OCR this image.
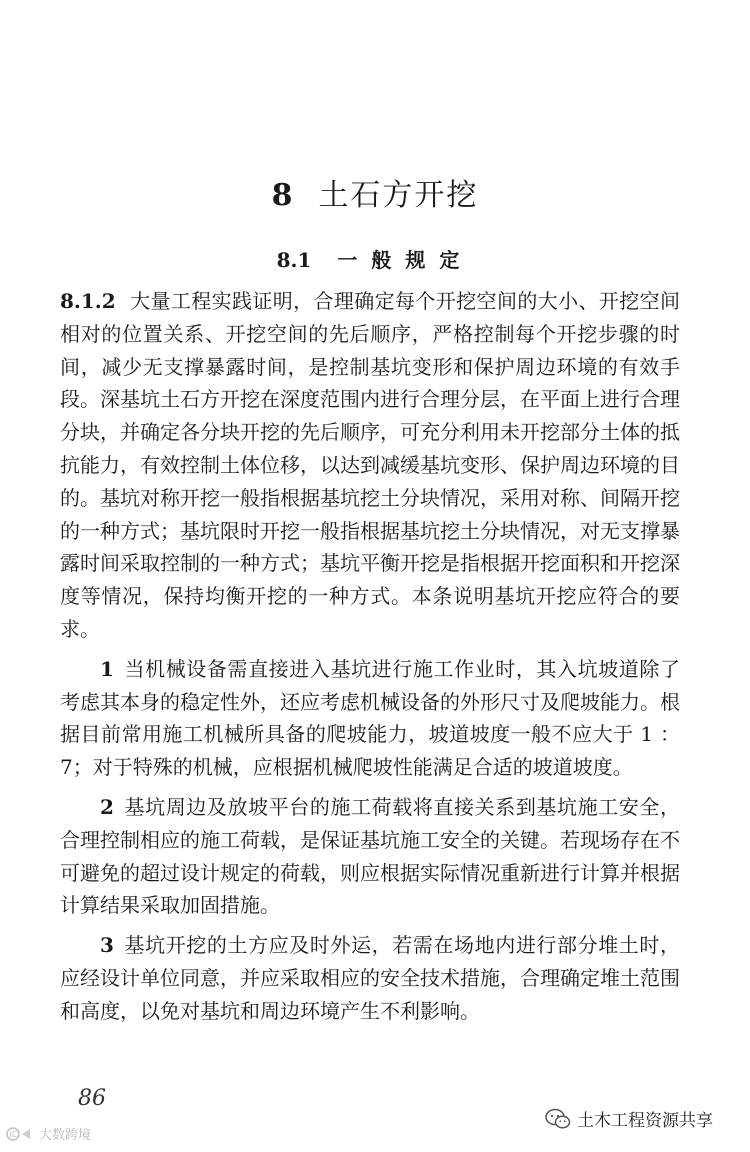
8 土石方开挖
8.1 一般规定

8.1.2 大量工程实践证明，合理确定每个开挖空间的大小、开挖空间相对的位置关系、开挖空间的先后顺序，严格控制每个开挖步骤的时间，减少无支撑暴露时间，是控制基坑变形和保护周边环境的有效手段。深基坑土石方开挖在深度范围内进行合理分层，在平面上进行合理分块，并确定各分块开挖的先后顺序，可充分利用未开挖部分土体的抵抗能力，有效控制土体位移，以达到减缓基坑变形、保护周边环境的目的。基坑对称开挖一般指根据基坑挖土分块情况，采用对称、间隔开挖的一种方式；基坑限时开挖一般指根据基坑挖土分块情况，对无支撑暴露时间采取控制的一种方式；基坑平衡开挖是指根据开挖面积和开挖深度等情况，保持均衡开挖的一种方式。本条说明基坑开挖应符合的要求。

1 当机械设备需直接进入基坑进行施工作业时，其入坑坡道除了考虑其本身的稳定性外，还应考虑机械设备的外形尺寸及爬坡能力。根据目前常用施工机械所具备的爬坡能力，坡道坡度一般不应大于 1 ：7；对于特殊的机械，应根据机械爬坡性能满足合适的坡道坡度。

2 基坑周边及放坡平台的施工荷载将直接关系到基坑施工安全，合理控制相应的施工荷载，是保证基坑施工安全的关键。若现场存在不可避免的超过设计规定的荷载，则应根据实际情况重新进行计算并根据计算结果采取加固措施。

3 基坑开挖的土方应及时外运，若需在场地内进行部分堆土时，应经设计单位同意，并应采取相应的安全技术措施，合理确定堆土范围和高度，以免对基坑和周边环境产生不利影响。

86
土木工程资源共享
IC 大数跨境
